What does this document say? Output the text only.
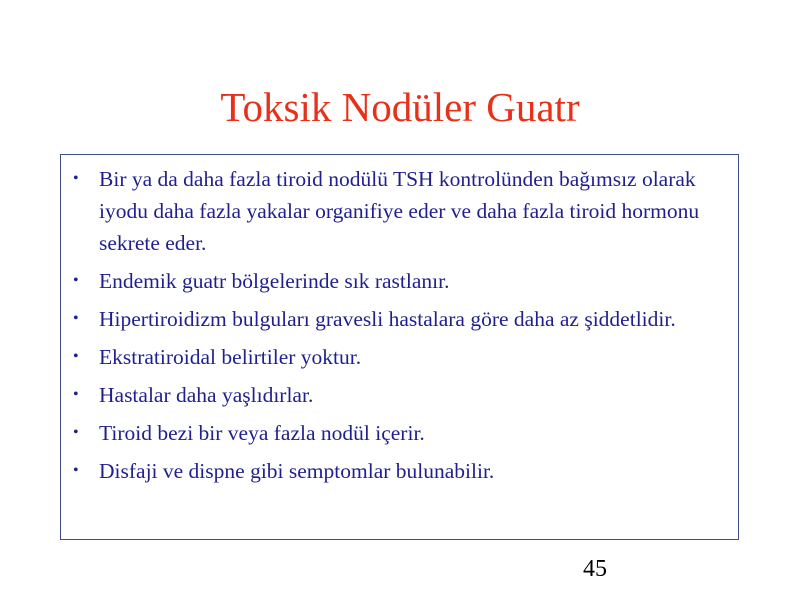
Toksik Nodüler Guatr
• Bir ya da daha fazla tiroid nodülü TSH kontrolünden bağımsız olarak iyodu daha fazla yakalar organifiye eder ve daha fazla tiroid hormonu sekrete eder.
• Endemik guatr bölgelerinde sık rastlanır.
• Hipertiroidizm bulguları gravesli hastalara göre daha az şiddetlidir.
• Ekstratiroidal belirtiler yoktur.
• Hastalar daha yaşlıdırlar.
• Tiroid bezi bir veya fazla nodül içerir.
• Disfaji ve dispne gibi semptomlar bulunabilir.
45
